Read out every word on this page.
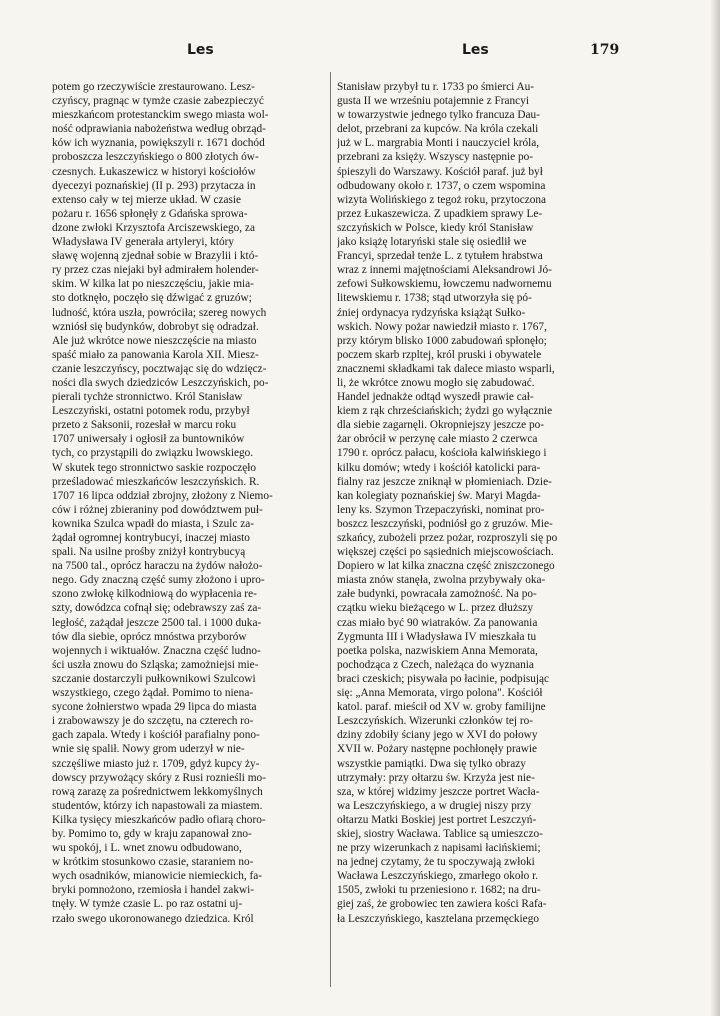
Les	Les	179
potem go rzeczywiście zrestaurowano. Lesz-
czyńscy, pragnąc w tymże czasie zabezpieczyć
mieszkańcom protestanckim swego miasta wol-
ność odprawiania nabożeństwa według obrząd-
ków ich wyznania, powiększyli r. 1671 dochód
proboszcza leszczyńskiego o 800 złotych ów-
czesnych. Łukaszewicz w historyi kościołów
dyecezyi poznańskiej (II p. 293) przytacza in
extenso cały w tej mierze układ. W czasie
pożaru r. 1656 spłonęły z Gdańska sprowa-
dzone zwłoki Krzysztofa Arciszewskiego, za
Władysława IV generała artyleryi, który
sławę wojenną zjednał sobie w Brazylii i któ-
ry przez czas niejaki był admirałem holender-
skim. W kilka lat po nieszczęściu, jakie mia-
sto dotknęło, poczęło się dźwigać z gruzów;
ludność, która uszła, powróciła; szereg nowych
wzniósł się budynków, dobrobyt się odradzał.
Ale już wkrótce nowe nieszczęście na miasto
spaść miało za panowania Karola XII. Miesz-
czanie leszczyńscy, pocztwając się do wdzięcz-
ności dla swych dziedziców Leszczyńskich, po-
pierali tychże stronnictwo. Król Stanisław
Leszczyński, ostatni potomek rodu, przybył
przeto z Saksonii, rozesłał w marcu roku
1707 uniwersały i ogłosił za buntowników
tych, co przystąpili do związku lwowskiego.
W skutek tego stronnictwo saskie rozpoczęło
prześladować mieszkańców leszczyńskich. R.
1707 16 lipca oddział zbrojny, złożony z Niemo-
ców i różnej zbieraniny pod dowództwem puł-
kownika Szulca wpadł do miasta, i Szulc za-
żądał ogromnej kontrybucyi, inaczej miasto
spali. Na usilne prośby zniżył kontrybucyą
na 7500 tal., oprócz haraczu na żydów nałożo-
nego. Gdy znaczną część sumy złożono i upro-
szono zwłokę kilkodniową do wypłacenia re-
szty, dowódzca cofnął się; odebrawszy zaś za-
ległość, zażądał jeszcze 2500 tal. i 1000 dukа-
tów dla siebie, oprócz mnóstwa przyborów
wojennych i wiktuałów. Znaczna część ludno-
ści uszła znowu do Szląska; zamożniejsi mie-
szczanie dostarczyli pułkownikowi Szulcowi
wszystkiego, czego żądał. Pomimo to niena-
sycone żołnierstwo wpada 29 lipca do miasta
i zrabowawszy je do szczętu, na czterech ro-
gach zapala. Wtedy i kościół parafialny pono-
wnie się spalił. Nowy grom uderzył w nie-
szczęśliwe miasto już r. 1709, gdyż kupcy ży-
dowscy przywożący skóry z Rusi roznieśli mo-
rową zarazę za pośrednictwem lekkomyślnych
studentów, którzy ich napastowali za miastem.
Kilka tysięcy mieszkańców padło ofiarą choro-
by. Pomimo to, gdy w kraju zapanował zno-
wu spokój, i L. wnet znowu odbudowano,
w krótkim stosunkowo czasie, staraniem no-
wych osadników, mianowicie niemieckich, fa-
bryki pomnożono, rzemiosła i handel zakwi-
tnęły. W tymże czasie L. po raz ostatni uj-
rzało swego ukoronowanego dziedzica. Król
Stanisław przybył tu r. 1733 po śmierci Au-
gusta II we wrześniu potajemnie z Francyi
w towarzystwie jednego tylko francuza Dau-
delot, przebrani za kupców. Na króla czekali
już w L. margrabia Monti i nauczyciel króla,
przebrani za księży. Wszyscy następnie po-
śpieszyli do Warszawy. Kościół paraf. już był
odbudowany około r. 1737, o czem wspomina
wizyta Wolińskiego z tegoż roku, przytoczona
przez Łukaszewicza. Z upadkiem sprawy Le-
szczyńskich w Polsce, kiedy król Stanisław
jako książę lotaryński stale się osiedlił we
Francyi, sprzedał tenże L. z tytułem hrabstwa
wraz z innemi majętnościami Aleksandrowi Jó-
zefowi Sułkowskiemu, łowczemu nadwornemu
litewskiemu r. 1738; stąd utworzyła się pó-
źniej ordynacya rydzyńska książąt Sułko-
wskich. Nowy pożar nawiedził miasto r. 1767,
przy którym blisko 1000 zabudowań spłonęło;
poczem skarb rzpltej, król pruski i obywatele
znacznemi składkami tak dalece miasto wsparli,
li, że wkrótce znowu mogło się zabudować.
Handel jednakże odtąd wyszedł prawie cał-
kiem z rąk chrześciańskich; żydzi go wyłącznie
dla siebie zagarnęli. Okropniejszy jeszcze po-
żar obrócił w perzynę całe miasto 2 czerwca
1790 r. oprócz pałacu, kościoła kalwińskiego i
kilku domów; wtedy i kościół katolicki para-
fialny raz jeszcze zniknął w płomieniach. Dzie-
kan kolegiaty poznańskiej św. Maryi Magda-
leny ks. Szymon Trzepaczyński, nominat pro-
boszcz leszczyński, podniósł go z gruzów. Mie-
szkańcy, zubożeli przez pożar, rozproszyli się po
większej części po sąsiednich miejscowościach.
Dopiero w lat kilka znaczna część zniszczonego
miasta znów stanęła, zwolna przybywały oka-
załe budynki, powracała zamożność. Na po-
czątku wieku bieżącego w L. przez dłuższy
czas miało być 90 wiatraków. Za panowania
Zygmunta III i Władysława IV mieszkała tu
poetka polska, nazwiskiem Anna Memorata,
pochodząca z Czech, należąca do wyznania
braci czeskich; pisywała po łacinie, podpisując
się: „Anna Memorata, virgo polona". Kościół
katol. paraf. mieścił od XV w. groby familijne
Leszczyńskich. Wizerunki członków tej ro-
dziny zdobiły ściany jego w XVI do połowy
XVII w. Pożary następne pochłonęły prawie
wszystkie pamiątki. Dwa się tylko obrazy
utrzymały: przy ołtarzu św. Krzyża jest nie-
sza, w której widzimy jeszcze portret Wacła-
wa Leszczyńskiego, a w drugiej niszy przy
ołtarzu Matki Boskiej jest portret Leszczyń-
skiej, siostry Wacława. Tablice są umieszczo-
ne przy wizerunkach z napisami łacińskiemi;
na jednej czytamy, że tu spoczywają zwłoki
Wacława Leszczyńskiego, zmarłego około r.
1505, zwłoki tu przeniesiono r. 1682; na dru-
giej zaś, że grobowiec ten zawiera kości Rafa-
ła Leszczyńskiego, kasztelana przemęckiego
